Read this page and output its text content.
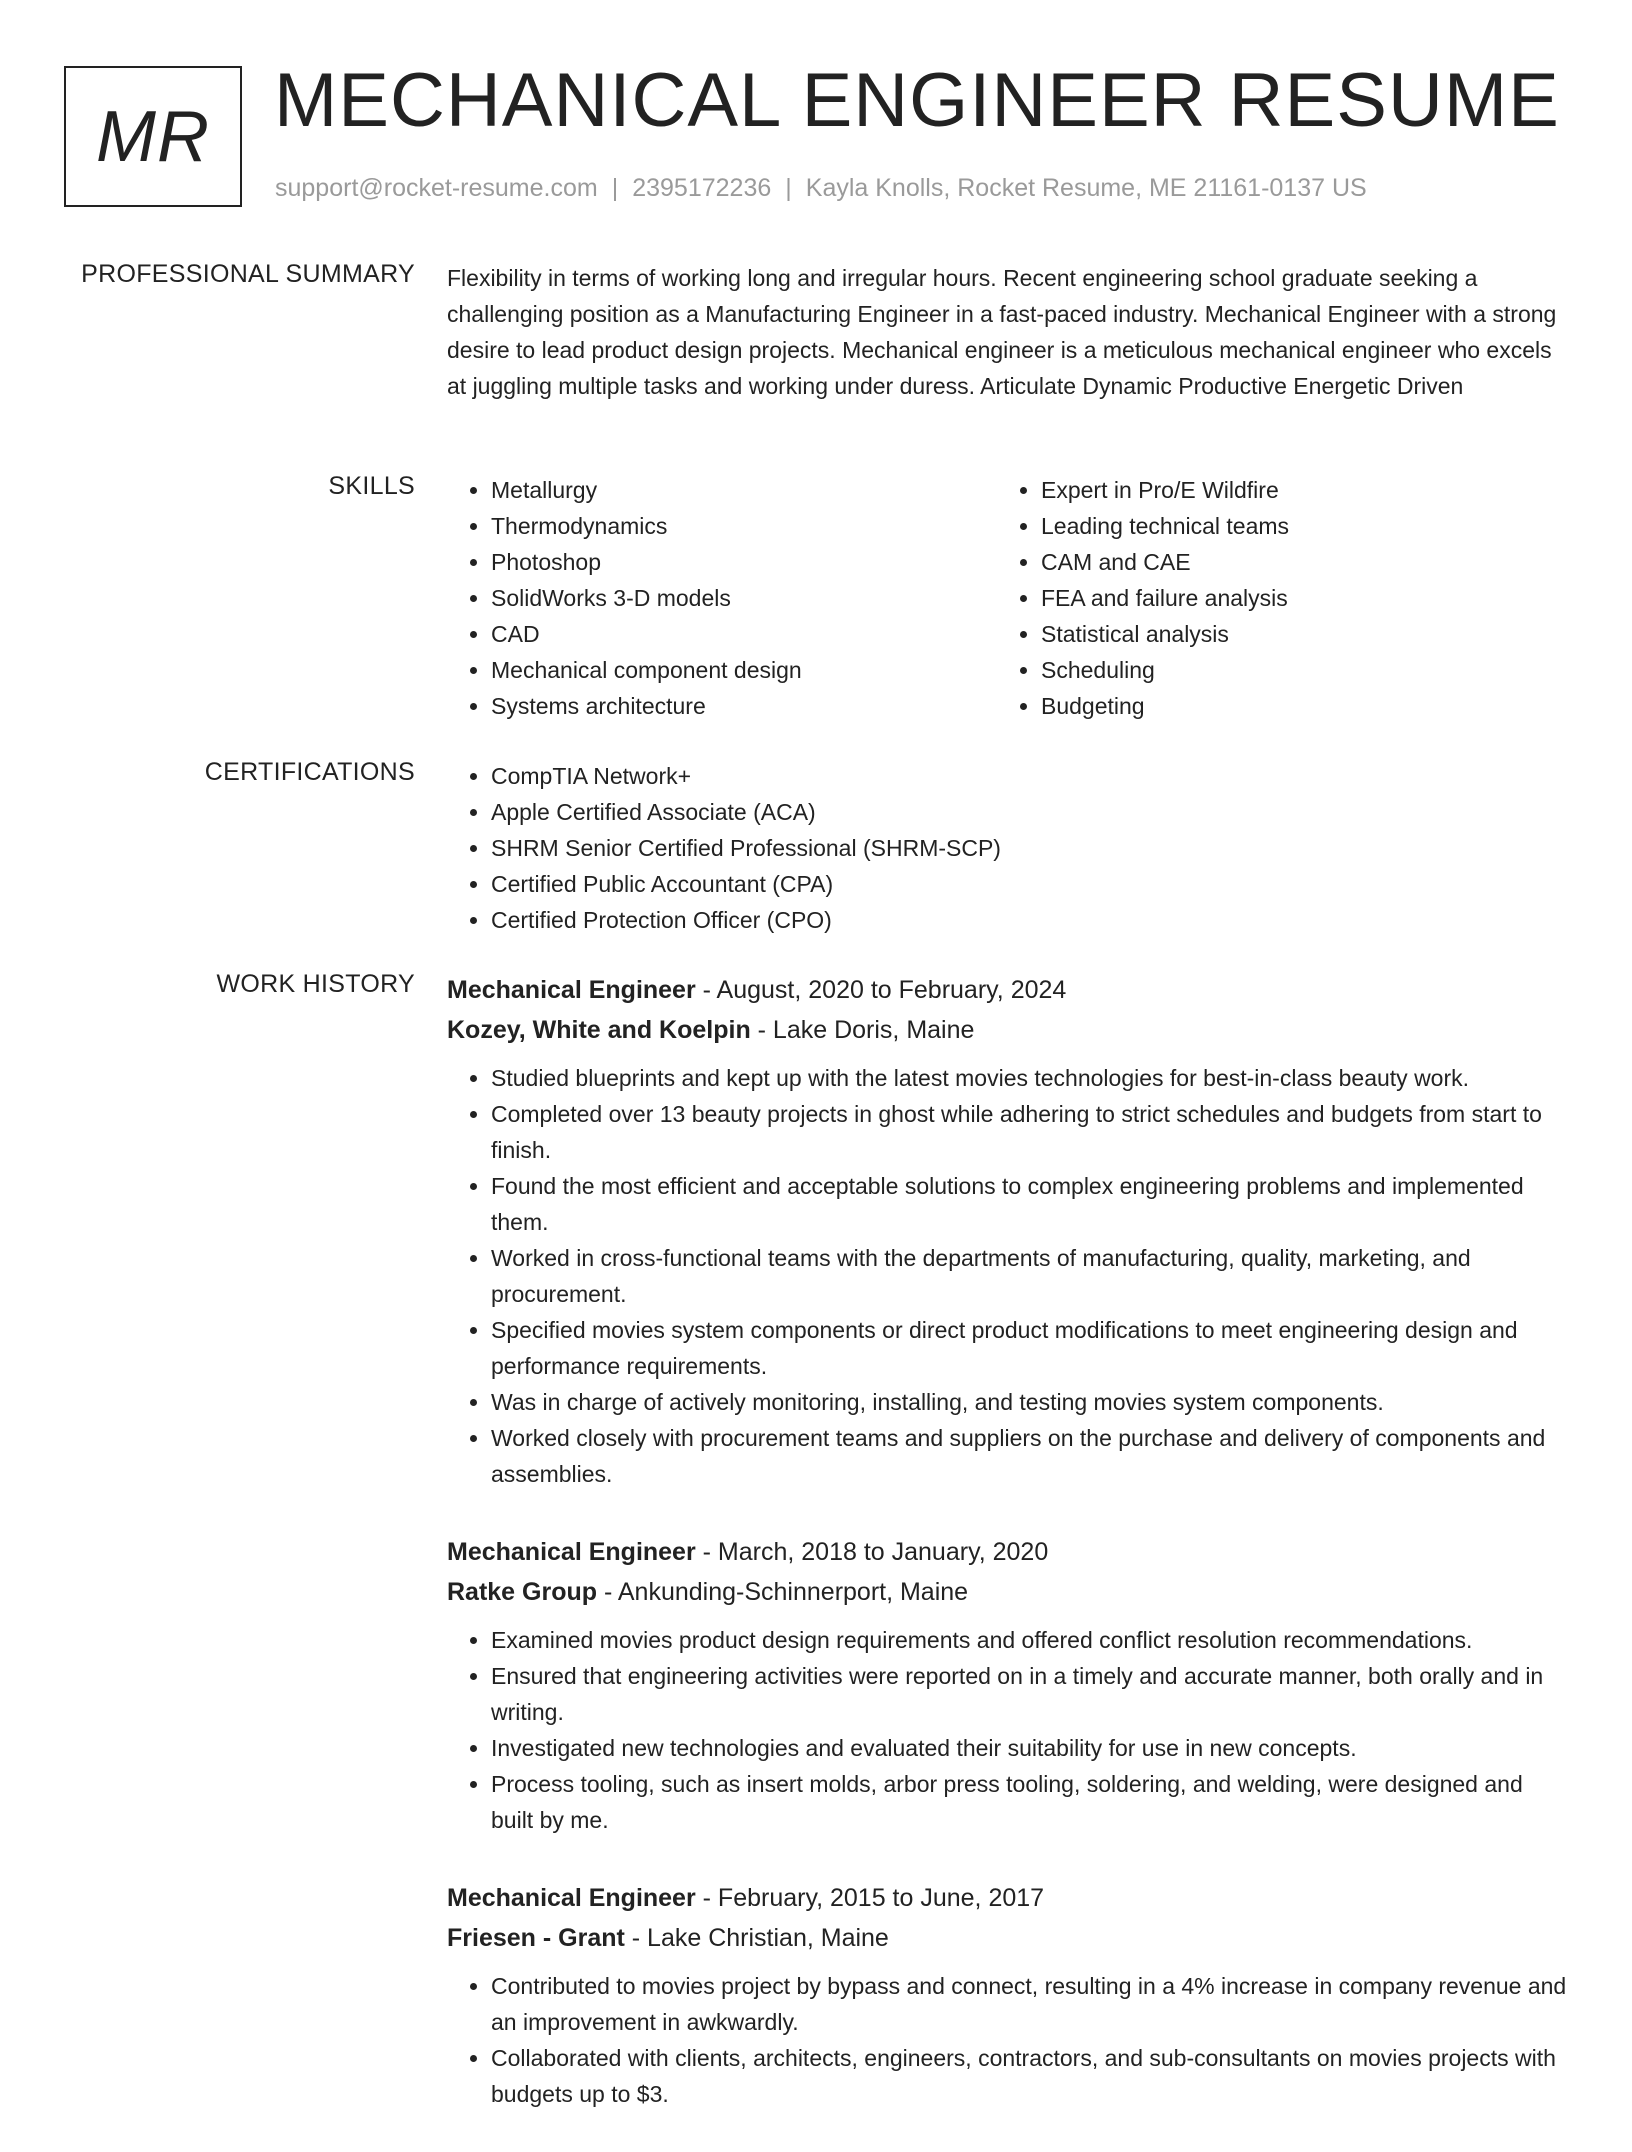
MR MECHANICAL ENGINEER RESUME
support@rocket-resume.com | 2395172236 | Kayla Knolls, Rocket Resume, ME 21161-0137 US
PROFESSIONAL SUMMARY Flexibility in terms of working long and irregular hours. Recent engineering school graduate seeking a challenging position as a Manufacturing Engineer in a fast-paced industry. Mechanical Engineer with a strong desire to lead product design projects. Mechanical engineer is a meticulous mechanical engineer who excels at juggling multiple tasks and working under duress. Articulate Dynamic Productive Energetic Driven

SKILLS	• Metallurgy
• Thermodynamics
• Photoshop
• SolidWorks 3-D models
• CAD
• Mechanical component design
• Systems architecture
• Expert in Pro/E Wildfire
• Leading technical teams
• CAM and CAE
• FEA and failure analysis
• Statistical analysis
• Scheduling
• Budgeting
CERTIFICATIONS	• CompTIA Network+
• Apple Certified Associate (ACA)
• SHRM Senior Certified Professional (SHRM-SCP)
• Certified Public Accountant (CPA)
• Certified Protection Officer (CPO)
WORK HISTORY Mechanical Engineer - August, 2020 to February, 2024
Kozey, White and Koelpin - Lake Doris, Maine
• Studied blueprints and kept up with the latest movies technologies for best-in-class beauty work.
• Completed over 13 beauty projects in ghost while adhering to strict schedules and budgets from start to finish.
• Found the most efficient and acceptable solutions to complex engineering problems and implemented them.
• Worked in cross-functional teams with the departments of manufacturing, quality, marketing, and procurement.
• Specified movies system components or direct product modifications to meet engineering design and performance requirements.
• Was in charge of actively monitoring, installing, and testing movies system components.
• Worked closely with procurement teams and suppliers on the purchase and delivery of components and assemblies.
Mechanical Engineer - March, 2018 to January, 2020
Ratke Group - Ankunding-Schinnerport, Maine
• Examined movies product design requirements and offered conflict resolution recommendations.
• Ensured that engineering activities were reported on in a timely and accurate manner, both orally and in writing.
• Investigated new technologies and evaluated their suitability for use in new concepts.
• Process tooling, such as insert molds, arbor press tooling, soldering, and welding, were designed and built by me.
Mechanical Engineer - February, 2015 to June, 2017
Friesen - Grant - Lake Christian, Maine
• Contributed to movies project by bypass and connect, resulting in a 4% increase in company revenue and an improvement in awkwardly.
• Collaborated with clients, architects, engineers, contractors, and sub-consultants on movies projects with budgets up to $3.
